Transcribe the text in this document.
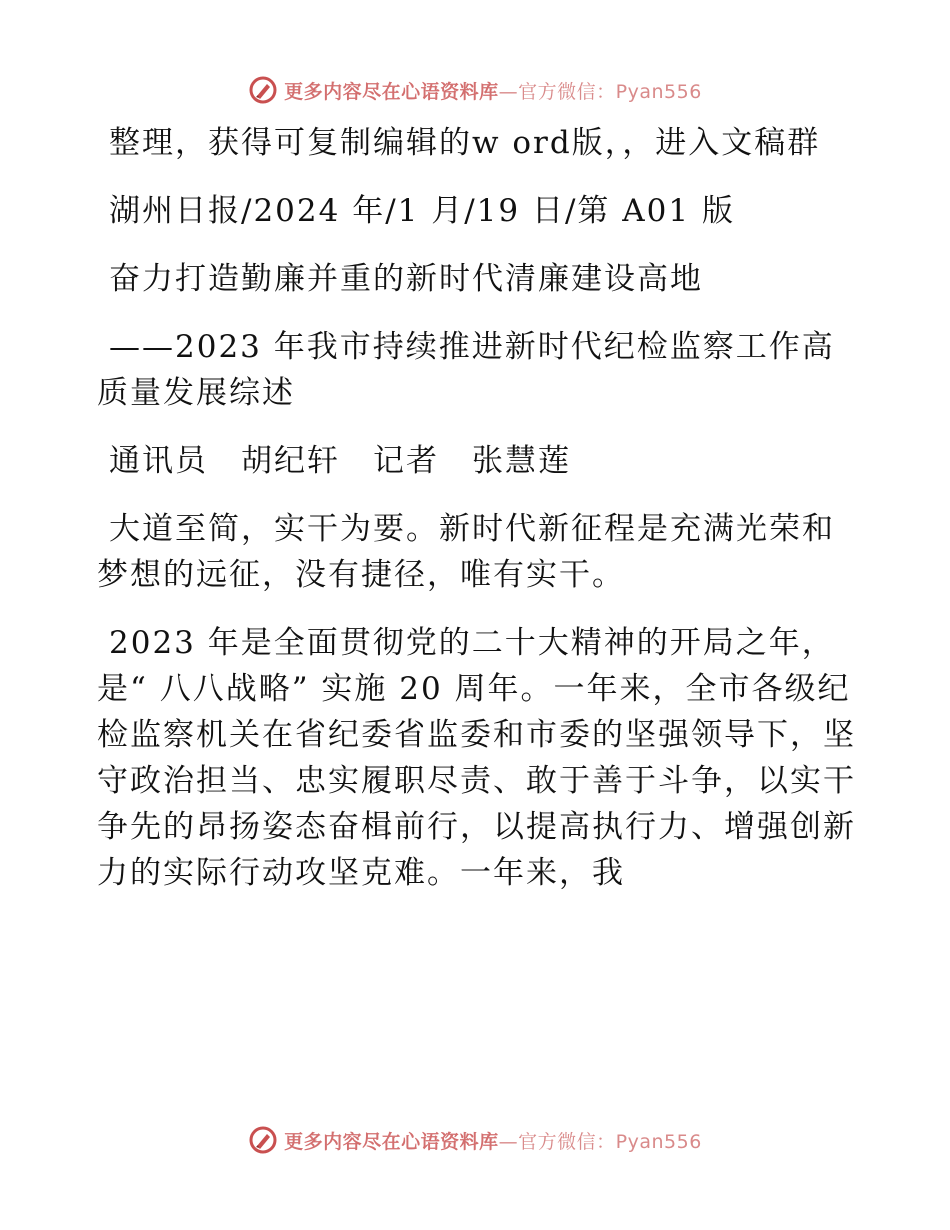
更多内容尽在心语资料库—官方微信：Pyan556

整理，获得可复制编辑的w ord版，，进入文稿群

湖州日报/2024 年/1 月/19 日/第 A01 版

奋力打造勤廉并重的新时代清廉建设高地

——2023 年我市持续推进新时代纪检监察工作高质量发展综述

通讯员　胡纪轩　记者　张慧莲

大道至简，实干为要。新时代新征程是充满光荣和梦想的远征，没有捷径，唯有实干。

2023 年是全面贯彻党的二十大精神的开局之年，是“ 八八战略” 实施 20 周年。一年来，全市各级纪检监察机关在省纪委省监委和市委的坚强领导下，坚守政治担当、忠实履职尽责、敢于善于斗争，以实干争先的昂扬姿态奋楫前行，以提高执行力、增强创新力的实际行动攻坚克难。一年来，我

更多内容尽在心语资料库—官方微信：Pyan556
